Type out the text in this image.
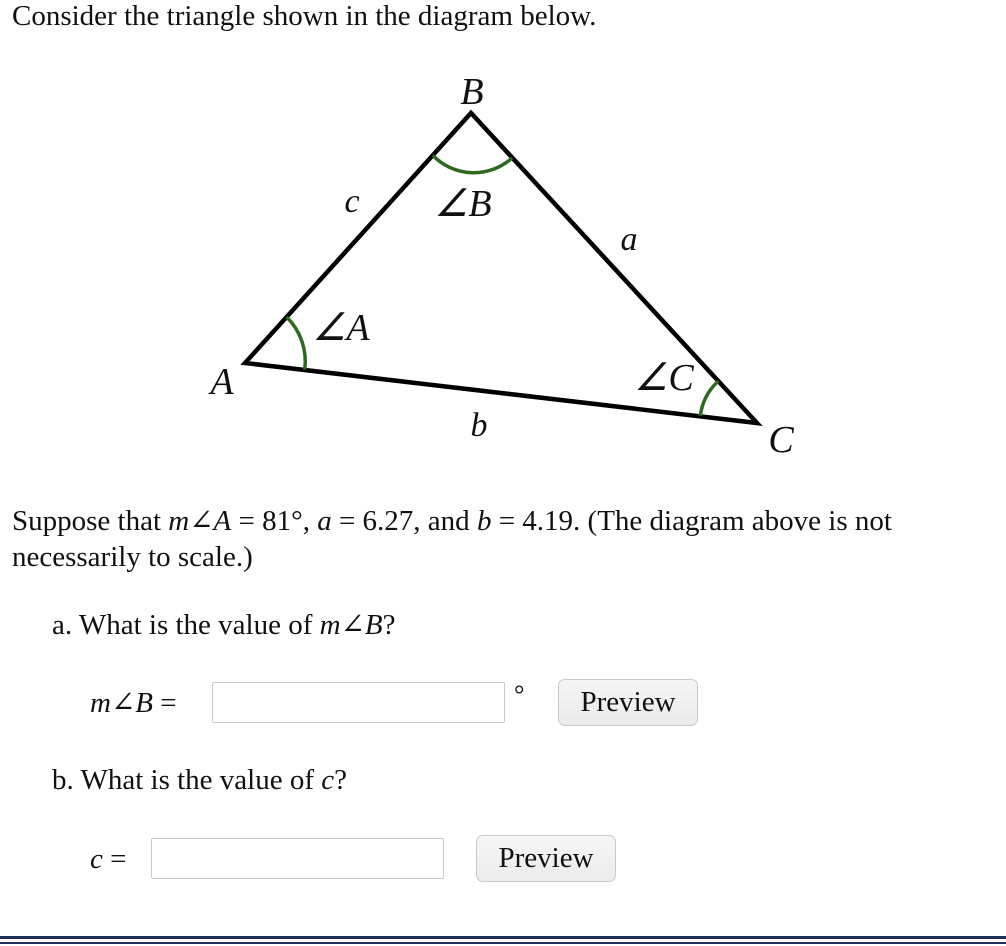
Consider the triangle shown in the diagram below.
B
A
C
c
a
b
∠B
∠A
∠C
Suppose that m∠A = 81°, a = 6.27, and b = 4.19. (The diagram above is not necessarily to scale.)
a. What is the value of m∠B?
m∠B =	°	Preview
b. What is the value of c?
c =	Preview
